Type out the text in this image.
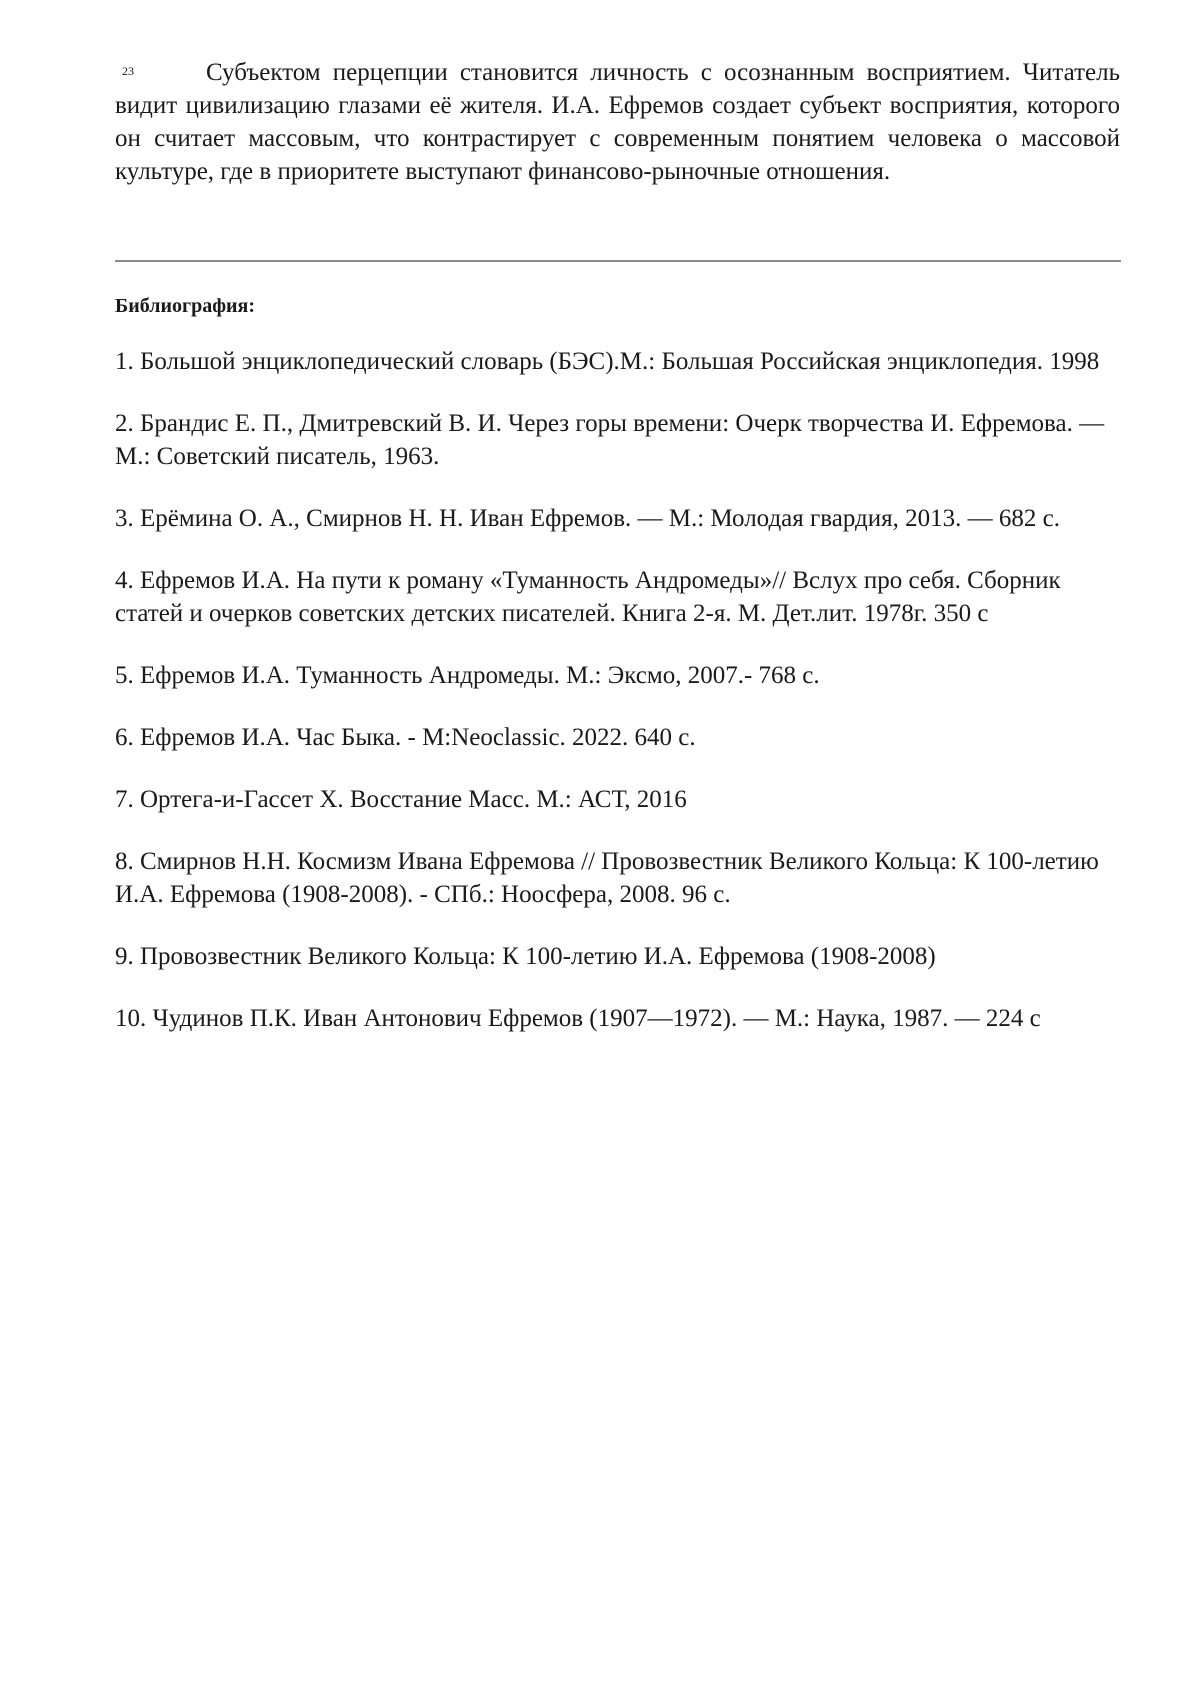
23	Субъектом перцепции становится личность с осознанным восприятием. Читатель видит цивилизацию глазами её жителя. И.А. Ефремов создает субъект восприятия, которого он считает массовым, что контрастирует с современным понятием человека о массовой культуре, где в приоритете выступают финансово-рыночные отношения.

Библиография:
1. Большой энциклопедический словарь (БЭС).М.: Большая Российская энциклопедия. 1998
2. Брандис Е. П., Дмитревский В. И. Через горы времени: Очерк творчества И. Ефремова. — М.: Советский писатель, 1963.
3. Ерёмина О. А., Смирнов Н. Н. Иван Ефремов. — М.: Молодая гвардия, 2013. — 682 с.
4. Ефремов И.А. На пути к роману «Туманность Андромеды»// Вслух про себя. Сборник статей и очерков советских детских писателей. Книга 2-я. М. Дет.лит. 1978г. 350 с
5. Ефремов И.А. Туманность Андромеды. М.: Эксмо, 2007.- 768 с.
6. Ефремов И.А. Час Быка. - М:Neoclassic. 2022. 640 с.
7. Ортега-и-Гассет Х. Восстание Масс. М.: АСТ, 2016
8. Смирнов Н.Н. Космизм Ивана Ефремова // Провозвестник Великого Кольца: К 100-летию И.А. Ефремова (1908-2008). - СПб.: Ноосфера, 2008. 96 с.
9. Провозвестник Великого Кольца: К 100-летию И.А. Ефремова (1908-2008)
10. Чудинов П.К. Иван Антонович Ефремов (1907—1972). — М.: Наука, 1987. — 224 с
